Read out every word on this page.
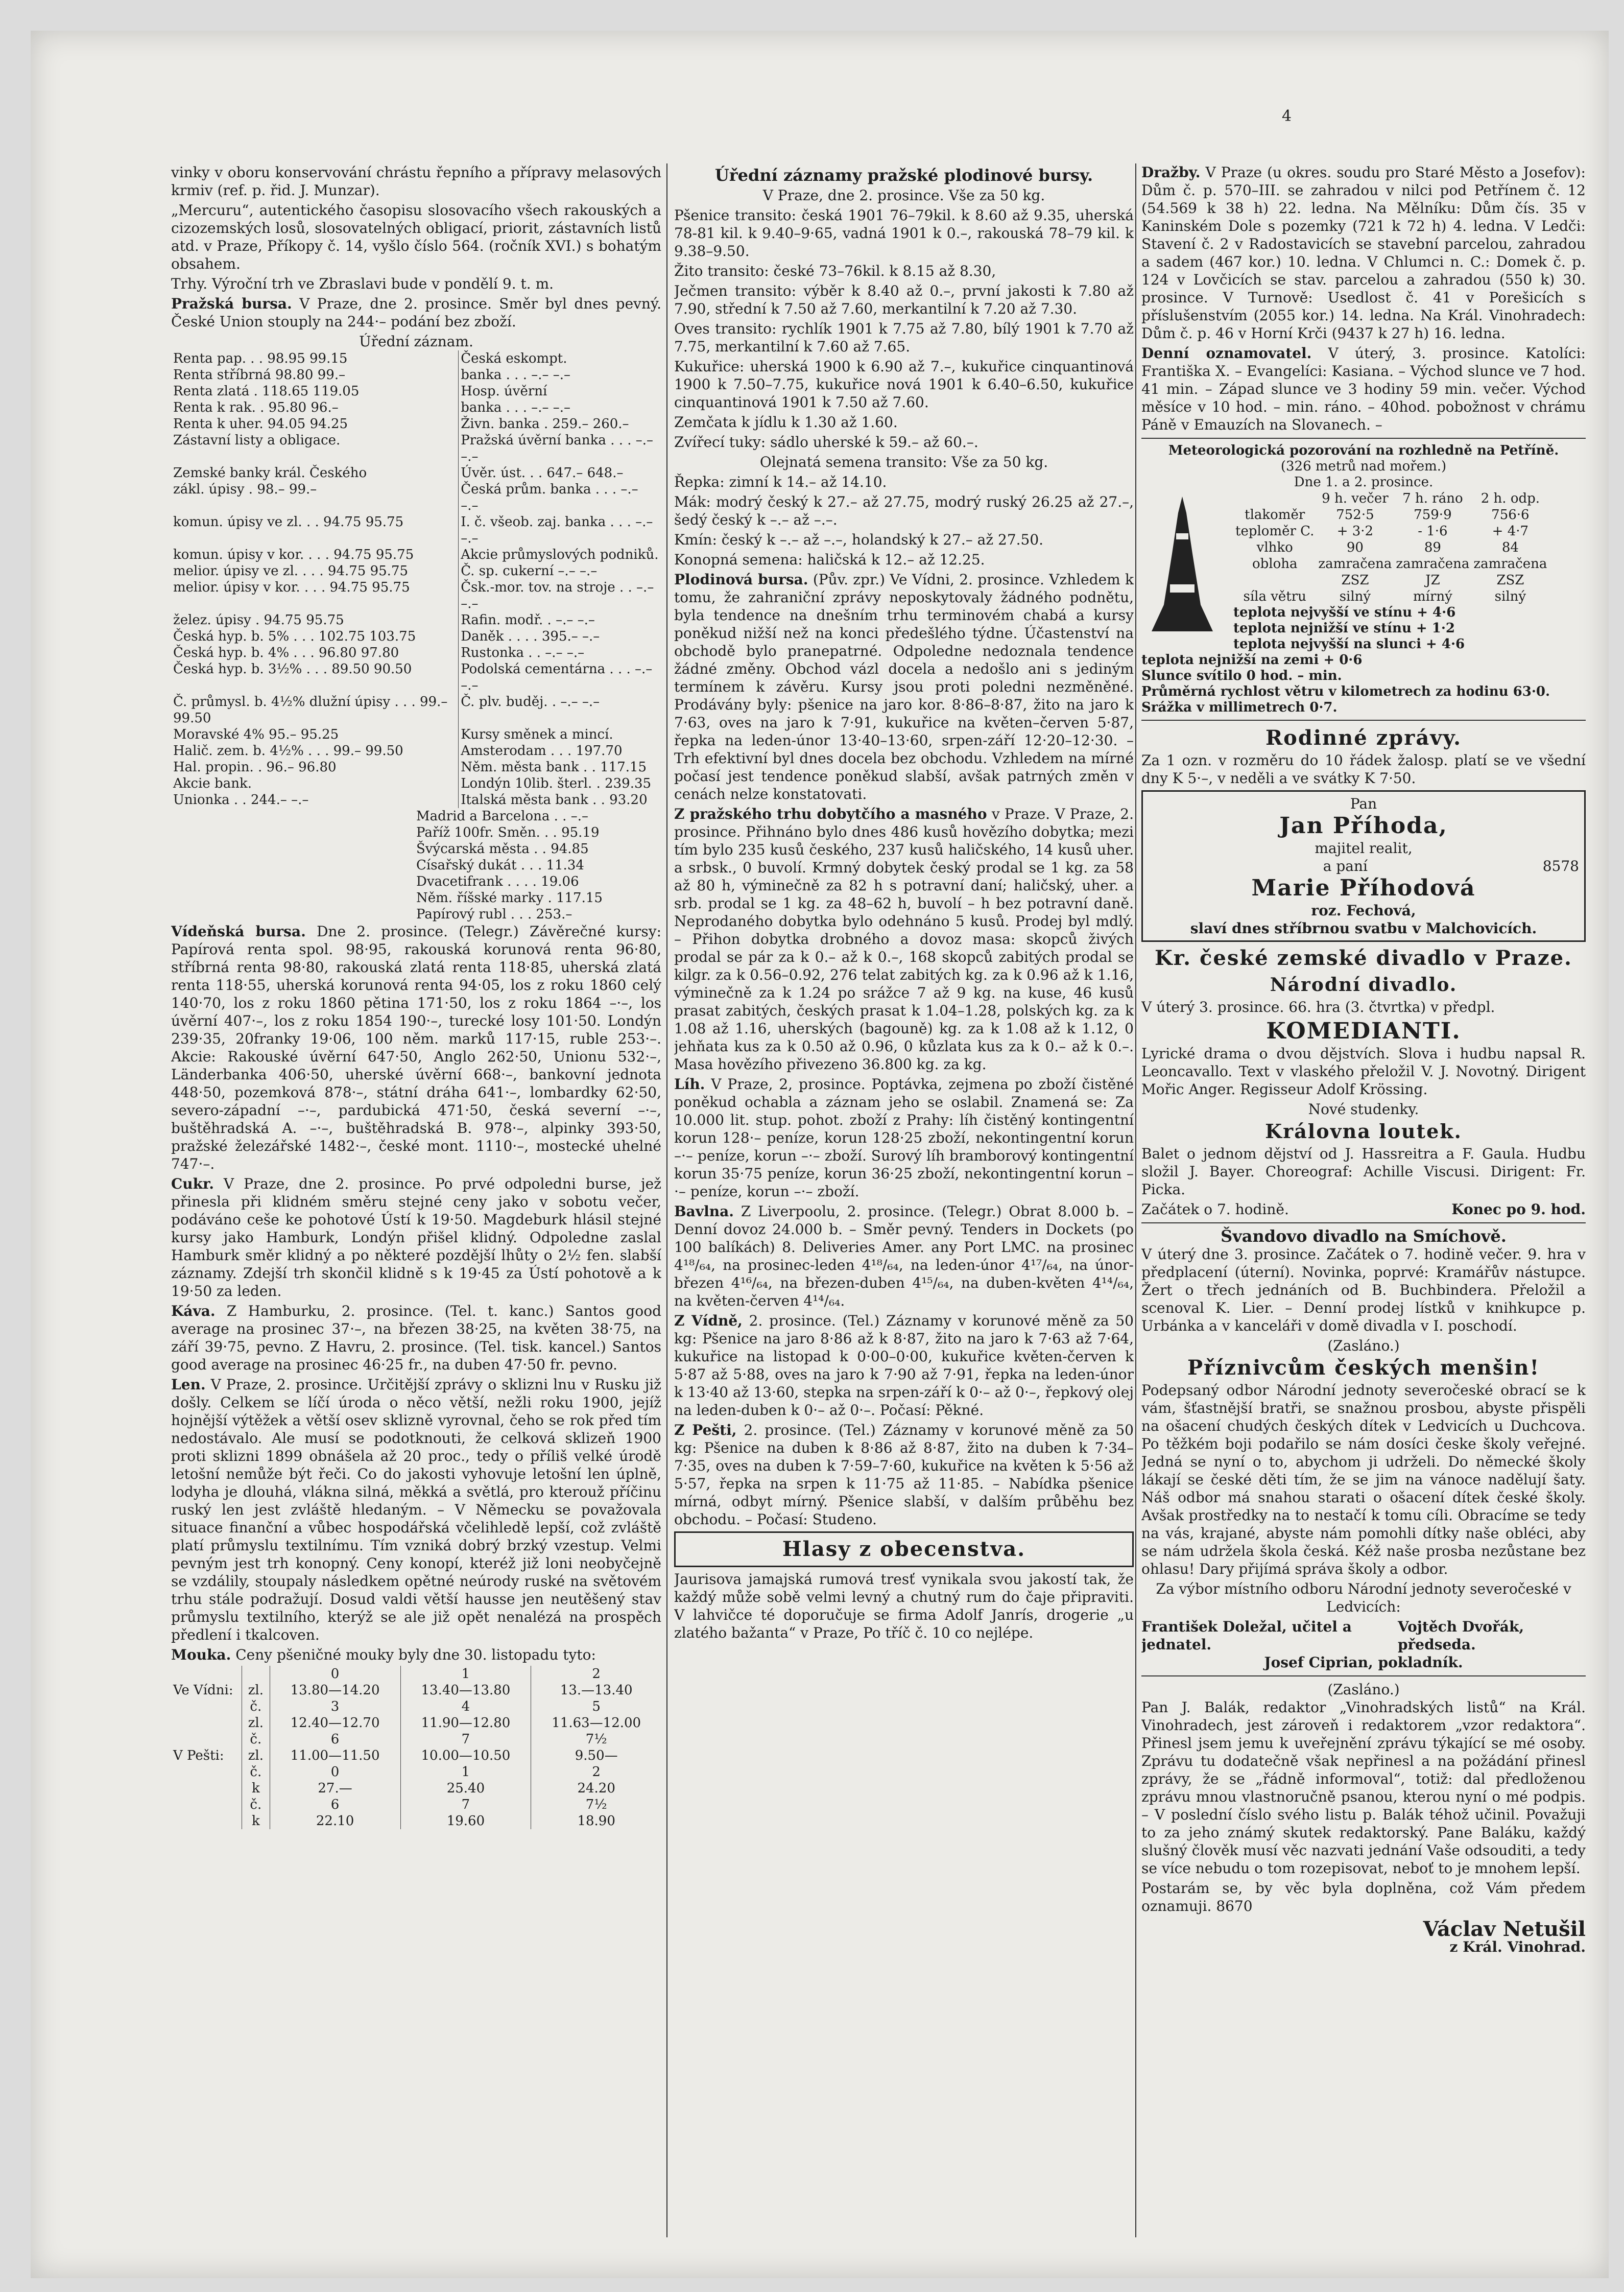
4

vinky v oboru konservování chrástu řepního a přípravy melasových krmiv (ref. p. řid. J. Munzar).

„Mercuru“, autentického časopisu slosovacího všech rakouských a cizozemských losů, slosovatelných obligací, priorit, zástavních listů atd. v Praze, Příkopy č. 14, vyšlo číslo 564. (ročník XVI.) s bohatým obsahem.

Trhy. Výroční trh ve Zbraslavi bude v pondělí 9. t. m.

Pražská bursa. V Praze, dne 2. prosince. Směr byl dnes pevný. České Union stouply na 244·– podání bez zboží.

Úřední záznam.
Renta pap. . . 98.95 99.15	Česká eskompt.
Renta stříbrná 98.80 99.–	banka . . . –.– –.–
Renta zlatá . 118.65 119.05	Hosp. úvěrní
Renta k rak. . 95.80 96.–	banka . . . –.– –.–
Renta k uher. 94.05 94.25	Živn. banka . 259.– 260.–
Zástavní listy a obligace.	Pražská úvěrní banka . . . –.– –.–
Zemské banky král. Českého	Úvěr. úst. . . 647.– 648.–
zákl. úpisy . 98.– 99.–	Česká prům. banka . . . –.– –.–
komun. úpisy ve zl. . . 94.75 95.75	I. č. všeob. zaj. banka . . . –.– –.–
komun. úpisy v kor. . . . 94.75 95.75	Akcie průmyslových podniků.
melior. úpisy ve zl. . . . 94.75 95.75	Č. sp. cukerní –.– –.–
melior. úpisy v kor. . . . 94.75 95.75	Čsk.-mor. tov. na stroje . . –.– –.–
želez. úpisy . 94.75 95.75	Rafin. modř. . –.– –.–
Česká hyp. b. 5% . . . 102.75 103.75	Daněk . . . . 395.– –.–
Česká hyp. b. 4% . . . 96.80 97.80	Rustonka . . –.– –.–
Česká hyp. b. 3½% . . . 89.50 90.50	Podolská cementárna . . . –.– –.–
Č. průmysl. b. 4½% dlužní úpisy . . . 99.– 99.50	Č. plv. buděj. . –.– –.–
Moravské 4% 95.– 95.25	Kursy směnek a mincí.
Halič. zem. b. 4½% . . . 99.– 99.50	Amsterodam . . . 197.70
Hal. propin. . 96.– 96.80	Něm. města bank . . 117.15
Akcie bank.	Londýn 10lib. šterl. . 239.35
Unionka . . 244.– –.–	Italská města bank . . 93.20
Madrid a Barcelona . . –.–
Paříž 100fr. Směn. . . 95.19
Švýcarská města . . 94.85
Císařský dukát . . . 11.34
Dvacetifrank . . . . 19.06
Něm. říšské marky . 117.15
Papírový rubl . . . 253.–

Vídeňská bursa. Dne 2. prosince. (Telegr.) Závěrečné kursy: Papírová renta spol. 98·95, rakouská korunová renta 96·80, stříbrná renta 98·80, rakouská zlatá renta 118·85, uherská zlatá renta 118·55, uherská korunová renta 94·05, los z roku 1860 celý 140·70, los z roku 1860 pětina 171·50, los z roku 1864 –·–, los úvěrní 407·–, los z roku 1854 190·–, turecké losy 101·50. Londýn 239·35, 20franky 19·06, 100 něm. marků 117·15, ruble 253·–. Akcie: Rakouské úvěrní 647·50, Anglo 262·50, Unionu 532·–, Länderbanka 406·50, uherské úvěrní 668·–, bankovní jednota 448·50, pozemková 878·–, státní dráha 641·–, lombardky 62·50, severo-západní –·–, pardubická 471·50, česká severní –·–, buštěhradská A. –·–, buštěhradská B. 978·–, alpinky 393·50, pražské železářské 1482·–, české mont. 1110·–, mostecké uhelné 747·–.

Cukr. V Praze, dne 2. prosince. Po prvé odpoledni burse, jež přinesla při klidném směru stejné ceny jako v sobotu večer, podáváno ceše ke pohotové Ústí k 19·50. Magdeburk hlásil stejné kursy jako Hamburk, Londýn přišel klidný. Odpoledne zaslal Hamburk směr klidný a po některé pozdější lhůty o 2½ fen. slabší záznamy. Zdejší trh skončil klidně s k 19·45 za Ústí pohotově a k 19·50 za leden.

Káva. Z Hamburku, 2. prosince. (Tel. t. kanc.) Santos good average na prosinec 37·–, na březen 38·25, na květen 38·75, na září 39·75, pevno. Z Havru, 2. prosince. (Tel. tisk. kancel.) Santos good average na prosinec 46·25 fr., na duben 47·50 fr. pevno.

Len. V Praze, 2. prosince. Určitější zprávy o sklizni lnu v Rusku již došly. Celkem se líčí úroda o něco větší, nežli roku 1900, jejíž hojnější výtěžek a větší osev sklizně vyrovnal, čeho se rok před tím nedostávalo. Ale musí se podotknouti, že celková sklizeň 1900 proti sklizni 1899 obnášela až 20 proc., tedy o příliš velké úrodě letošní nemůže být řeči. Co do jakosti vyhovuje letošní len úplně, lodyha je dlouhá, vlákna silná, měkká a světlá, pro kterouž příčinu ruský len jest zvláště hledaným. – V Německu se považovala situace finanční a vůbec hospodářská včelihledě lepší, což zvláště platí průmyslu textilnímu. Tím vzniká dobrý brzký vzestup. Velmi pevným jest trh konopný. Ceny konopí, kteréž již loni neobyčejně se vzdálily, stoupaly následkem opětné neúrody ruské na světovém trhu stále podražují. Dosud valdi větší hausse jen neutěšený stav průmyslu textilního, kterýž se ale již opět nenalézá na prospěch předlení i tkalcoven.

Mouka. Ceny pšeničné mouky byly dne 30. listopadu tyto:

		0	1	2
Ve Vídni:	zl.	13.80—14.20	13.40—13.80	13.—13.40
	č.	3	4	5
	zl.	12.40—12.70	11.90—12.80	11.63—12.00
	č.	6	7	7½
V Pešti:	zl.	11.00—11.50	10.00—10.50	9.50—
	č.	0	1	2
	k	27.—	25.40	24.20
	č.	6	7	7½
	k	22.10	19.60	18.90
Úřední záznamy pražské plodinové bursy.

V Praze, dne 2. prosince. Vše za 50 kg.

Pšenice transito: česká 1901 76–79kil. k 8.60 až 9.35, uherská 78-81 kil. k 9.40–9·65, vadná 1901 k 0.–, rakouská 78–79 kil. k 9.38–9.50.

Žito transito: české 73–76kil. k 8.15 až 8.30,

Ječmen transito: výběr k 8.40 až 0.–, první jakosti k 7.80 až 7.90, střední k 7.50 až 7.60, merkantilní k 7.20 až 7.30.

Oves transito: rychlík 1901 k 7.75 až 7.80, bílý 1901 k 7.70 až 7.75, merkantilní k 7.60 až 7.65.

Kukuřice: uherská 1900 k 6.90 až 7.–, kukuřice cinquantinová 1900 k 7.50–7.75, kukuřice nová 1901 k 6.40–6.50, kukuřice cinquantinová 1901 k 7.50 až 7.60.

Zemčata k jídlu k 1.30 až 1.60.

Zvířecí tuky: sádlo uherské k 59.– až 60.–.

Olejnatá semena transito: Vše za 50 kg.

Řepka: zimní k 14.– až 14.10.

Mák: modrý český k 27.– až 27.75, modrý ruský 26.25 až 27.–, šedý český k –.– až –.–.

Kmín: český k –.– až –.–, holandský k 27.– až 27.50.

Konopná semena: haličská k 12.– až 12.25.

Plodinová bursa. (Pův. zpr.) Ve Vídni, 2. prosince. Vzhledem k tomu, že zahraniční zprávy neposkytovaly žádného podnětu, byla tendence na dnešním trhu terminovém chabá a kursy poněkud nižší než na konci předešlého týdne. Účastenství na obchodě bylo pranepatrné. Odpoledne nedoznala tendence žádné změny. Obchod vázl docela a nedošlo ani s jediným termínem k závěru. Kursy jsou proti poledni nezměněné. Prodávány byly: pšenice na jaro kor. 8·86–8·87, žito na jaro k 7·63, oves na jaro k 7·91, kukuřice na květen–červen 5·87, řepka na leden-únor 13·40–13·60, srpen-září 12·20–12·30. – Trh efektivní byl dnes docela bez obchodu. Vzhledem na mírné počasí jest tendence poněkud slabší, avšak patrných změn v cenách nelze konstatovati.

Z pražského trhu dobytčího a masného v Praze. V Praze, 2. prosince. Přihnáno bylo dnes 486 kusů hovězího dobytka; mezi tím bylo 235 kusů českého, 237 kusů haličského, 14 kusů uher. a srbsk., 0 buvolí. Krmný dobytek český prodal se 1 kg. za 58 až 80 h, výminečně za 82 h s potravní daní; haličský, uher. a srb. prodal se 1 kg. za 48–62 h, buvolí – h bez potravní daně. Neprodaného dobytka bylo odehnáno 5 kusů. Prodej byl mdlý. – Přihon dobytka drobného a dovoz masa: skopců živých prodal se pár za k 0.– až k 0.–, 168 skopců zabitých prodal se kilgr. za k 0.56–0.92, 276 telat zabitých kg. za k 0.96 až k 1.16, výminečně za k 1.24 po srážce 7 až 9 kg. na kuse, 46 kusů prasat zabitých, českých prasat k 1.04–1.28, polských kg. za k 1.08 až 1.16, uherských (bagouně) kg. za k 1.08 až k 1.12, 0 jehňata kus za k 0.50 až 0.96, 0 kůzlata kus za k 0.– až k 0.–. Masa hovězího přivezeno 36.800 kg. za kg.

Líh. V Praze, 2, prosince. Poptávka, zejmena po zboží čistěné poněkud ochabla a záznam jeho se oslabil. Znamená se: Za 10.000 lit. stup. pohot. zboží z Prahy: líh čistěný kontingentní korun 128·– peníze, korun 128·25 zboží, nekontingentní korun –·– peníze, korun –·– zboží. Surový líh bramborový kontingentní korun 35·75 peníze, korun 36·25 zboží, nekontingentní korun –·– peníze, korun –·– zboží.

Bavlna. Z Liverpoolu, 2. prosince. (Telegr.) Obrat 8.000 b. – Denní dovoz 24.000 b. – Směr pevný. Tenders in Dockets (po 100 balíkách) 8. Deliveries Amer. any Port LMC. na prosinec 4¹⁸/₆₄, na prosinec-leden 4¹⁸/₆₄, na leden-únor 4¹⁷/₆₄, na únor-březen 4¹⁶/₆₄, na březen-duben 4¹⁵/₆₄, na duben-květen 4¹⁴/₆₄, na květen-červen 4¹⁴/₆₄.

Z Vídně, 2. prosince. (Tel.) Záznamy v korunové měně za 50 kg: Pšenice na jaro 8·86 až k 8·87, žito na jaro k 7·63 až 7·64, kukuřice na listopad k 0·00–0·00, kukuřice květen-červen k 5·87 až 5·88, oves na jaro k 7·90 až 7·91, řepka na leden-únor k 13·40 až 13·60, stepka na srpen-září k 0·– až 0·–, řepkový olej na leden-duben k 0·– až 0·–. Počasí: Pěkné.

Z Pešti, 2. prosince. (Tel.) Záznamy v korunové měně za 50 kg: Pšenice na duben k 8·86 až 8·87, žito na duben k 7·34–7·35, oves na duben k 7·59–7·60, kukuřice na květen k 5·56 až 5·57, řepka na srpen k 11·75 až 11·85. – Nabídka pšenice mírná, odbyt mírný. Pšenice slabší, v dalším průběhu bez obchodu. – Počasí: Studeno.

Hlasy z obecenstva.

Jaurisova jamajská rumová tresť vynikala svou jakostí tak, že každý může sobě velmi levný a chutný rum do čaje připraviti. V lahvičce té doporučuje se firma Adolf Janrís, drogerie „u zlatého bažanta“ v Praze, Po tříč č. 10 co nejlépe.

Dražby. V Praze (u okres. soudu pro Staré Město a Josefov): Dům č. p. 570–III. se zahradou v nilci pod Petřínem č. 12 (54.569 k 38 h) 22. ledna. Na Mělníku: Dům čís. 35 v Kaninském Dole s pozemky (721 k 72 h) 4. ledna. V Ledči: Stavení č. 2 v Radostavicích se stavební parcelou, zahradou a sadem (467 kor.) 10. ledna. V Chlumci n. C.: Domek č. p. 124 v Lovčicích se stav. parcelou a zahradou (550 k) 30. prosince. V Turnově: Usedlost č. 41 v Porešicích s příslušenstvím (2055 kor.) 14. ledna. Na Král. Vinohradech: Dům č. p. 46 v Horní Krči (9437 k 27 h) 16. ledna.

Denní oznamovatel. V úterý, 3. prosince. Katolíci: Františka X. – Evangelíci: Kasiana. – Východ slunce ve 7 hod. 41 min. – Západ slunce ve 3 hodiny 59 min. večer. Východ měsíce v 10 hod. – min. ráno. – 40hod. pobožnost v chrámu Páně v Emauzích na Slovanech. –

Meteorologická pozorování na rozhledně na Petříně.
(326 metrů nad mořem.)
Dne 1. a 2. prosince.
	9 h. večer	7 h. ráno	2 h. odp.
tlakoměr	752·5	759·9	756·6
teploměr C.	+ 3·2	- 1·6	+ 4·7
vlhko	90	89	84
oblohа	zamračena	zamračena	zamračena
	ZSZ	JZ	ZSZ
síla větru	silný	mírný	silný
teplota nejvyšší ve stínu + 4·6
teplota nejnižší ve stínu + 1·2
teplota nejvyšší na slunci + 4·6
teplota nejnižší na zemi + 0·6
Slunce svítilo 0 hod. – min.
Průměrná rychlost větru v kilometrech za hodinu 63·0.
Srážka v millimetrech 0·7.
Rodinné zprávy.

Za 1 ozn. v rozměru do 10 řádek žalosp. platí se ve všední dny K 5·–, v neděli a ve svátky K 7·50.

Pan
Jan Příhoda,
majitel realit,
a paní	8578
Marie Příhodová
roz. Fechová,
slaví dnes stříbrnou svatbu v Malchovicích.
Kr. české zemské divadlo v Praze.
Národní divadlo.

V úterý 3. prosince. 66. hra (3. čtvrtka) v předpl.

KOMEDIANTI.

Lyrické drama o dvou dějstvích. Slova i hudbu napsal R. Leoncavallo. Text v vlaského přeložil V. J. Novotný. Dirigent Mořic Anger. Regisseur Adolf Krössing.

Nové studenky.
Královna loutek.

Balet o jednom dějství od J. Hassreitra a F. Gaula. Hudbu složil J. Bayer. Choreograf: Achille Viscusi. Dirigent: Fr. Picka.

Začátek o 7. hodině.	Konec po 9. hod.
Švandovo divadlo na Smíchově.

V úterý dne 3. prosince. Začátek o 7. hodině večer. 9. hra v předplacení (úterní). Novinka, poprvé: Kramářův nástupce. Žert o třech jednáních od B. Buchbindera. Přeložil a scenoval K. Lier. – Denní prodej lístků v knihkupce p. Urbánka a v kanceláři v domě divadla v I. poschodí.

(Zasláno.)
Příznivcům českých menšin!

Podepsaný odbor Národní jednoty severočeské obrací se k vám, šťastnější bratři, se snažnou prosbou, abyste přispěli na ošacení chudých českých dítek v Ledvicích u Duchcova. Po těžkém boji podařilo se nám dosíci česke školy veřejné. Jedná se nyní o to, abychom ji udrželi. Do německé školy lákají se české děti tím, že se jim na vánoce nadělují šaty. Náš odbor má snahou starati o ošacení dítek české školy. Avšak prostředky na to nestačí k tomu cíli. Obracíme se tedy na vás, krajané, abyste nám pomohli dítky naše obléci, aby se nám udržela škola česká. Kéž naše prosba nezůstane bez ohlasu! Dary přijímá správa školy a odbor.

Za výbor místního odboru Národní jednoty severočeské v Ledvicích:

František Doležal, učitel a jednatel.
Vojtěch Dvořák, předseda.
Josef Ciprian, pokladník.
(Zasláno.)

Pan J. Balák, redaktor „Vinohradských listů“ na Král. Vinohradech, jest zároveň i redaktorem „vzor redaktora“. Přinesl jsem jemu k uveřejnění zprávu týkající se mé osoby. Zprávu tu dodatečně však nepřinesl a na požádání přinesl zprávy, že se „řádně informoval“, totiž: dal předloženou zprávu mnou vlastnoručně psanou, kterou nyní o mé podpis. – V poslední číslo svého listu p. Balák téhož učinil. Považuji to za jeho známý skutek redaktorský. Pane Baláku, každý slušný člověk musí věc nazvati jednání Vaše odsouditi, a tedy se více nebudu o tom rozepisovat, neboť to je mnohem lepší.

Postarám se, by věc byla doplněna, což Vám předem oznamuji. 8670

Václav Netušil
z Král. Vinohrad.
